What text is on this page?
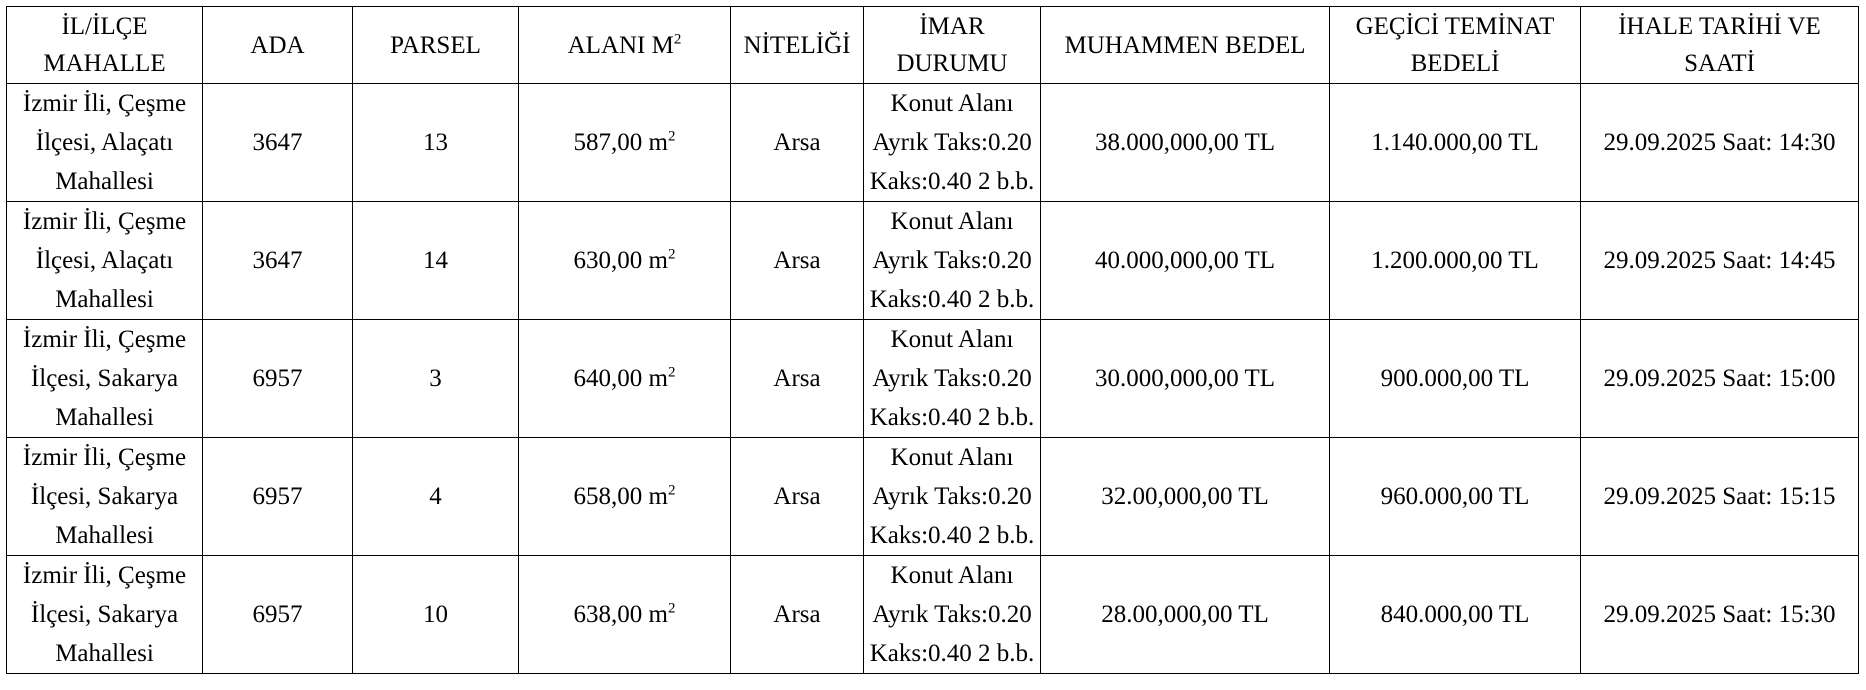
İL/İLÇE
MAHALLE	ADA	PARSEL	ALANI $M^2$	NİTELİĞİ	İMAR
DURUMU	MUHAMMEN BEDEL	GEÇİCİ TEMİNAT
BEDELİ	İHALE TARİHİ VE
SAATİ

İzmir İli, Çeşme
İlçesi, Alaçatı
Mahallesi	3647	13	587,00 $m^2$	Arsa	Konut Alanı
Ayrık Taks:0.20
Kaks:0.40 2 b.b.	38.000,000,00 TL	1.140.000,00 TL	29.09.2025 Saat: 14:30

İzmir İli, Çeşme
İlçesi, Alaçatı
Mahallesi	3647	14	630,00 $m^2$	Arsa	Konut Alanı
Ayrık Taks:0.20
Kaks:0.40 2 b.b.	40.000,000,00 TL	1.200.000,00 TL	29.09.2025 Saat: 14:45

İzmir İli, Çeşme
İlçesi, Sakarya
Mahallesi	6957	3	640,00 $m^2$	Arsa	Konut Alanı
Ayrık Taks:0.20
Kaks:0.40 2 b.b.	30.000,000,00 TL	900.000,00 TL	29.09.2025 Saat: 15:00

İzmir İli, Çeşme
İlçesi, Sakarya
Mahallesi	6957	4	658,00 $m^2$	Arsa	Konut Alanı
Ayrık Taks:0.20
Kaks:0.40 2 b.b.	32.00,000,00 TL	960.000,00 TL	29.09.2025 Saat: 15:15

İzmir İli, Çeşme
İlçesi, Sakarya
Mahallesi	6957	10	638,00 $m^2$	Arsa	Konut Alanı
Ayrık Taks:0.20
Kaks:0.40 2 b.b.	28.00,000,00 TL	840.000,00 TL	29.09.2025 Saat: 15:30
